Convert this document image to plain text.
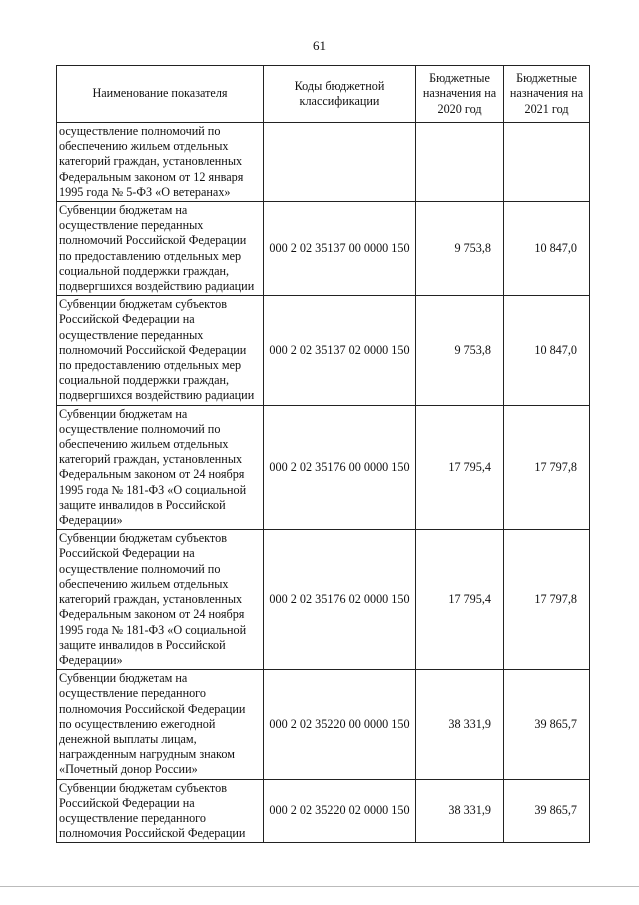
61
Наименование показателя	Коды бюджетной классификации	Бюджетные назначения на 2020 год	Бюджетные назначения на 2021 год
осуществление полномочий по обеспечению жильем отдельных категорий граждан, установленных Федеральным законом от 12 января 1995 года № 5-ФЗ «О ветеранах»			
Субвенции бюджетам на осуществление переданных полномочий Российской Федерации по предоставлению отдельных мер социальной поддержки граждан, подвергшихся воздействию радиации	000 2 02 35137 00 0000 150	9 753,8	10 847,0
Субвенции бюджетам субъектов Российской Федерации на осуществление переданных полномочий Российской Федерации по предоставлению отдельных мер социальной поддержки граждан, подвергшихся воздействию радиации	000 2 02 35137 02 0000 150	9 753,8	10 847,0
Субвенции бюджетам на осуществление полномочий по обеспечению жильем отдельных категорий граждан, установленных Федеральным законом от 24 ноября 1995 года № 181-ФЗ «О социальной защите инвалидов в Российской Федерации»	000 2 02 35176 00 0000 150	17 795,4	17 797,8
Субвенции бюджетам субъектов Российской Федерации на осуществление полномочий по обеспечению жильем отдельных категорий граждан, установленных Федеральным законом от 24 ноября 1995 года № 181-ФЗ «О социальной защите инвалидов в Российской Федерации»	000 2 02 35176 02 0000 150	17 795,4	17 797,8
Субвенции бюджетам на осуществление переданного полномочия Российской Федерации по осуществлению ежегодной денежной выплаты лицам, награжденным нагрудным знаком «Почетный донор России»	000 2 02 35220 00 0000 150	38 331,9	39 865,7
Субвенции бюджетам субъектов Российской Федерации на осуществление переданного полномочия Российской Федерации	000 2 02 35220 02 0000 150	38 331,9	39 865,7
